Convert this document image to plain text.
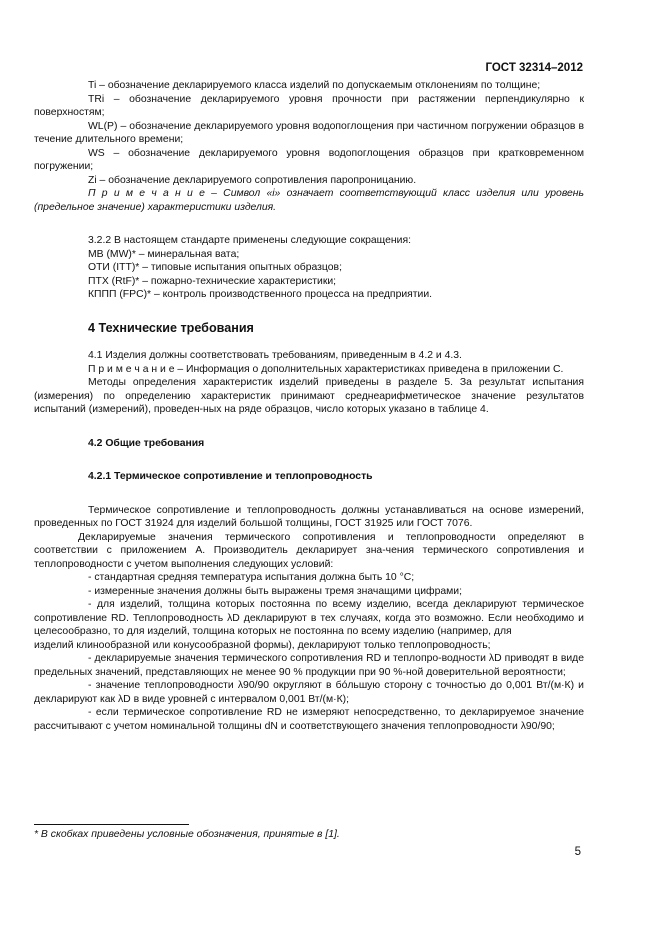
ГОСТ 32314–2012

Ti – обозначение декларируемого класса изделий по допускаемым отклонениям по толщине;

TRi – обозначение декларируемого уровня прочности при растяжении перпендикулярно к поверхностям;

WL(P) – обозначение декларируемого уровня водопоглощения при частичном погружении образцов в течение длительного времени;

WS – обозначение декларируемого уровня водопоглощения образцов при кратковременном погружении;

Zi – обозначение декларируемого сопротивления паропроницанию.

П р и м е ч а н и е – Символ «i» означает соответствующий класс изделия или уровень (предельное значение) характеристики изделия.

3.2.2 В настоящем стандарте применены следующие сокращения:

МВ (MW)* – минеральная вата;

ОТИ (ITT)* – типовые испытания опытных образцов;

ПТХ (RtF)* – пожарно-технические характеристики;

КППП (FPC)* – контроль производственного процесса на предприятии.

4 Технические требования

4.1 Изделия должны соответствовать требованиям, приведенным в 4.2 и 4.3.

П р и м е ч а н и е – Информация о дополнительных характеристиках приведена в приложении С.

Методы определения характеристик изделий приведены в разделе 5. За результат испытания (измерения) по определению характеристик принимают среднеарифметическое значение результатов испытаний (измерений), проведен-ных на ряде образцов, число которых указано в таблице 4.

4.2 Общие требования

4.2.1 Термическое сопротивление и теплопроводность

Термическое сопротивление и теплопроводность должны устанавливаться на основе измерений, проведенных по ГОСТ 31924 для изделий большой толщины, ГОСТ 31925 или ГОСТ 7076.

Декларируемые значения термического сопротивления и теплопроводности определяют в соответствии с приложением А. Производитель декларирует зна-чения термического сопротивления и теплопроводности с учетом выполнения следующих условий:

- стандартная средняя температура испытания должна быть 10 °С;

- измеренные значения должны быть выражены тремя значащими цифрами;

- для изделий, толщина которых постоянна по всему изделию, всегда декларируют термическое сопротивление RD. Теплопроводность λD декларируют в тех случаях, когда это возможно. Если необходимо и целесообразно, то для изделий, толщина которых не постоянна по всему изделию (например, для

изделий клинообразной или конусообразной формы), декларируют только теплопроводность;

- декларируемые значения термического сопротивления RD и теплопро-водности λD приводят в виде предельных значений, представляющих не менее 90 % продукции при 90 %-ной доверительной вероятности;

- значение теплопроводности λ90/90 округляют в бо́льшую сторону с точностью до 0,001 Вт/(м·К) и декларируют как λD в виде уровней с интервалом 0,001 Вт/(м·К);

- если термическое сопротивление RD не измеряют непосредственно, то декларируемое значение рассчитывают с учетом номинальной толщины dN и соответствующего значения теплопроводности λ90/90;

* В скобках приведены условные обозначения, принятые в [1].
5
